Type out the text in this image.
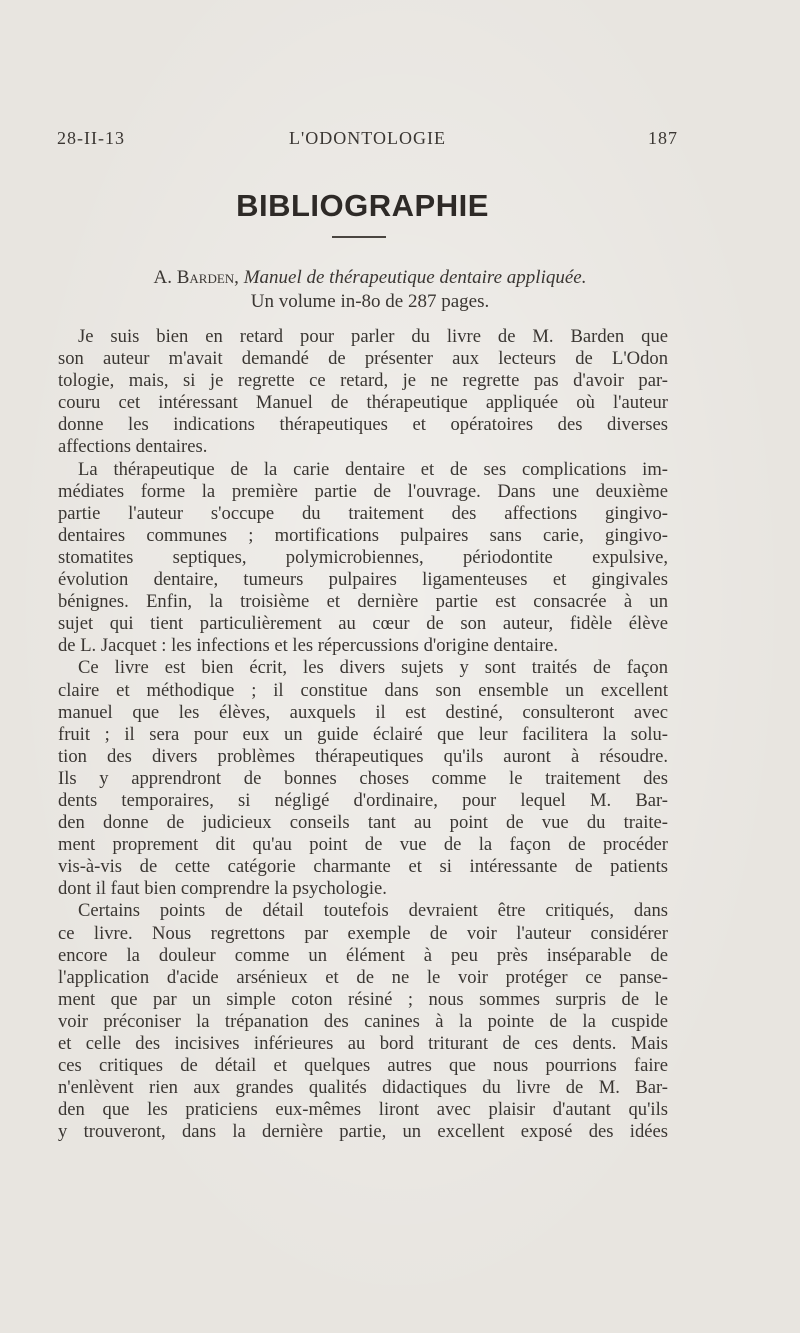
28-II-13	L'ODONTOLOGIE	187
BIBLIOGRAPHIE
A. Barden, Manuel de thérapeutique dentaire appliquée.
Un volume in-8o de 287 pages.
Je suis bien en retard pour parler du livre de M. Barden que
son auteur m'avait demandé de présenter aux lecteurs de L'Odon
tologie, mais, si je regrette ce retard, je ne regrette pas d'avoir par-
couru cet intéressant Manuel de thérapeutique appliquée où l'auteur
donne les indications thérapeutiques et opératoires des diverses
affections dentaires.
La thérapeutique de la carie dentaire et de ses complications im-
médiates forme la première partie de l'ouvrage. Dans une deuxième
partie l'auteur s'occupe du traitement des affections gingivo-
dentaires communes ; mortifications pulpaires sans carie, gingivo-
stomatites septiques, polymicrobiennes, périodontite expulsive,
évolution dentaire, tumeurs pulpaires ligamenteuses et gingivales
bénignes. Enfin, la troisième et dernière partie est consacrée à un
sujet qui tient particulièrement au cœur de son auteur, fidèle élève
de L. Jacquet : les infections et les répercussions d'origine dentaire.
Ce livre est bien écrit, les divers sujets y sont traités de façon
claire et méthodique ; il constitue dans son ensemble un excellent
manuel que les élèves, auxquels il est destiné, consulteront avec
fruit ; il sera pour eux un guide éclairé que leur facilitera la solu-
tion des divers problèmes thérapeutiques qu'ils auront à résoudre.
Ils y apprendront de bonnes choses comme le traitement des
dents temporaires, si négligé d'ordinaire, pour lequel M. Bar-
den donne de judicieux conseils tant au point de vue du traite-
ment proprement dit qu'au point de vue de la façon de procéder
vis-à-vis de cette catégorie charmante et si intéressante de patients
dont il faut bien comprendre la psychologie.
Certains points de détail toutefois devraient être critiqués, dans
ce livre. Nous regrettons par exemple de voir l'auteur considérer
encore la douleur comme un élément à peu près inséparable de
l'application d'acide arsénieux et de ne le voir protéger ce panse-
ment que par un simple coton résiné ; nous sommes surpris de le
voir préconiser la trépanation des canines à la pointe de la cuspide
et celle des incisives inférieures au bord triturant de ces dents. Mais
ces critiques de détail et quelques autres que nous pourrions faire
n'enlèvent rien aux grandes qualités didactiques du livre de M. Bar-
den que les praticiens eux-mêmes liront avec plaisir d'autant qu'ils
y trouveront, dans la dernière partie, un excellent exposé des idées
